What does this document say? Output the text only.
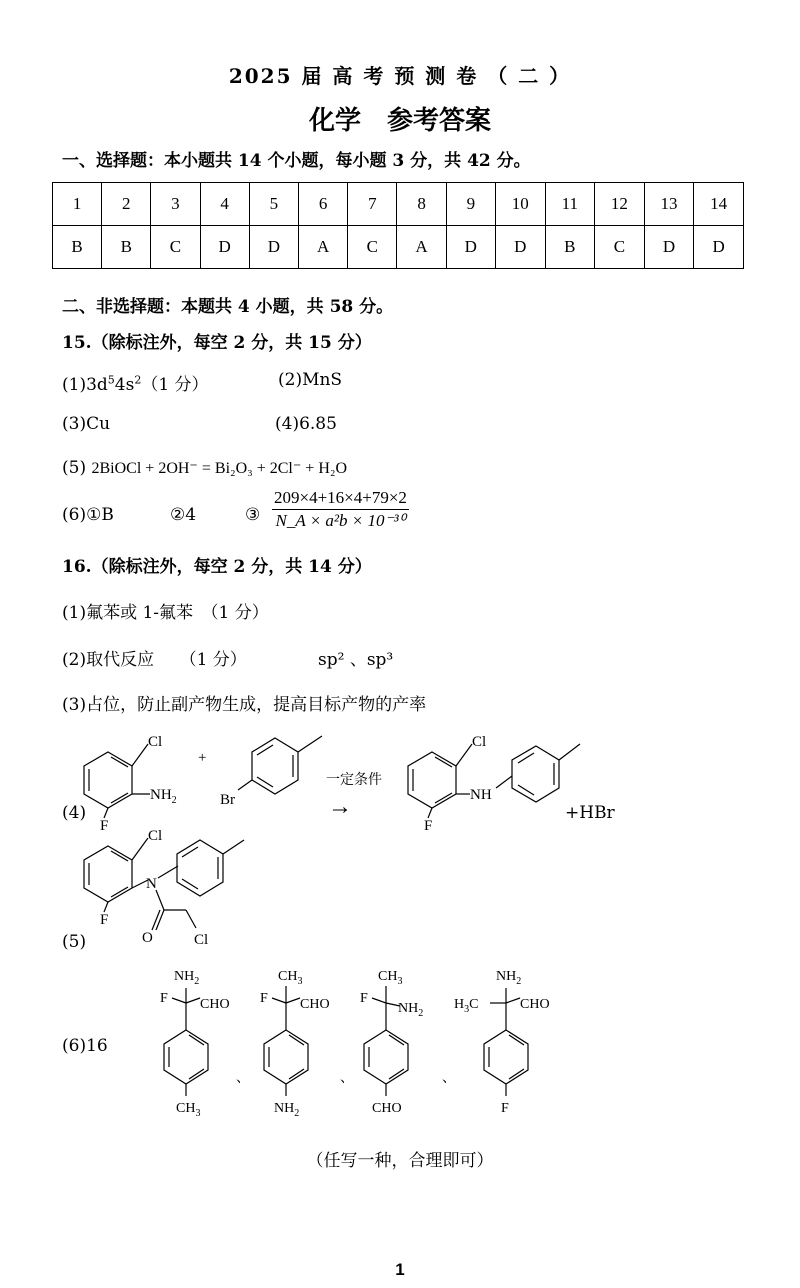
2025 届 高 考 预 测 卷 （ 二 ）
化学　参考答案
一、选择题：本小题共 14 个小题，每小题 3 分，共 42 分。
1	2	3	4	5	6	7	8	9	10	11	12	13	14
B	B	C	D	D	A	C	A	D	D	B	C	D	D
二、非选择题：本题共 4 小题，共 58 分。
15.（除标注外，每空 2 分，共 15 分）
$(1)3d^54s^2(1$ 分）	(2)MnS
(3)Cu	(4)6.85
(5) 2BiOCl + 2OH⁻ = Bi₂O₃ + 2Cl⁻ + H₂O
(6)①B	②4	③ $\frac{209\times 4+16\times 4+79\times 2}{\text{N\_A × a²b × 10⁻³⁰}}$
16.（除标注外，每空 2 分，共 14 分）
(1)氟苯或 1-氟苯　（1 分）
(2)取代反应　　（1 分）	sp² 、sp³
(3)占位，防止副产物生成，提高目标产物的产率
(4)
Cl
$NH_2$
F
+
Br
一定条件
→
Cl
NH
F
+HBr
(5)
Cl
N
F
O	Cl
(6)16
$NH_2$
F CHO
$CH_3$
、
$CH_3$
F CHO
$NH_2$
、
$CH_3$
F
$NH_2$
CHO
、
$NH_2$
$H_3C$	CHO
F
（任写一种，合理即可）
1
